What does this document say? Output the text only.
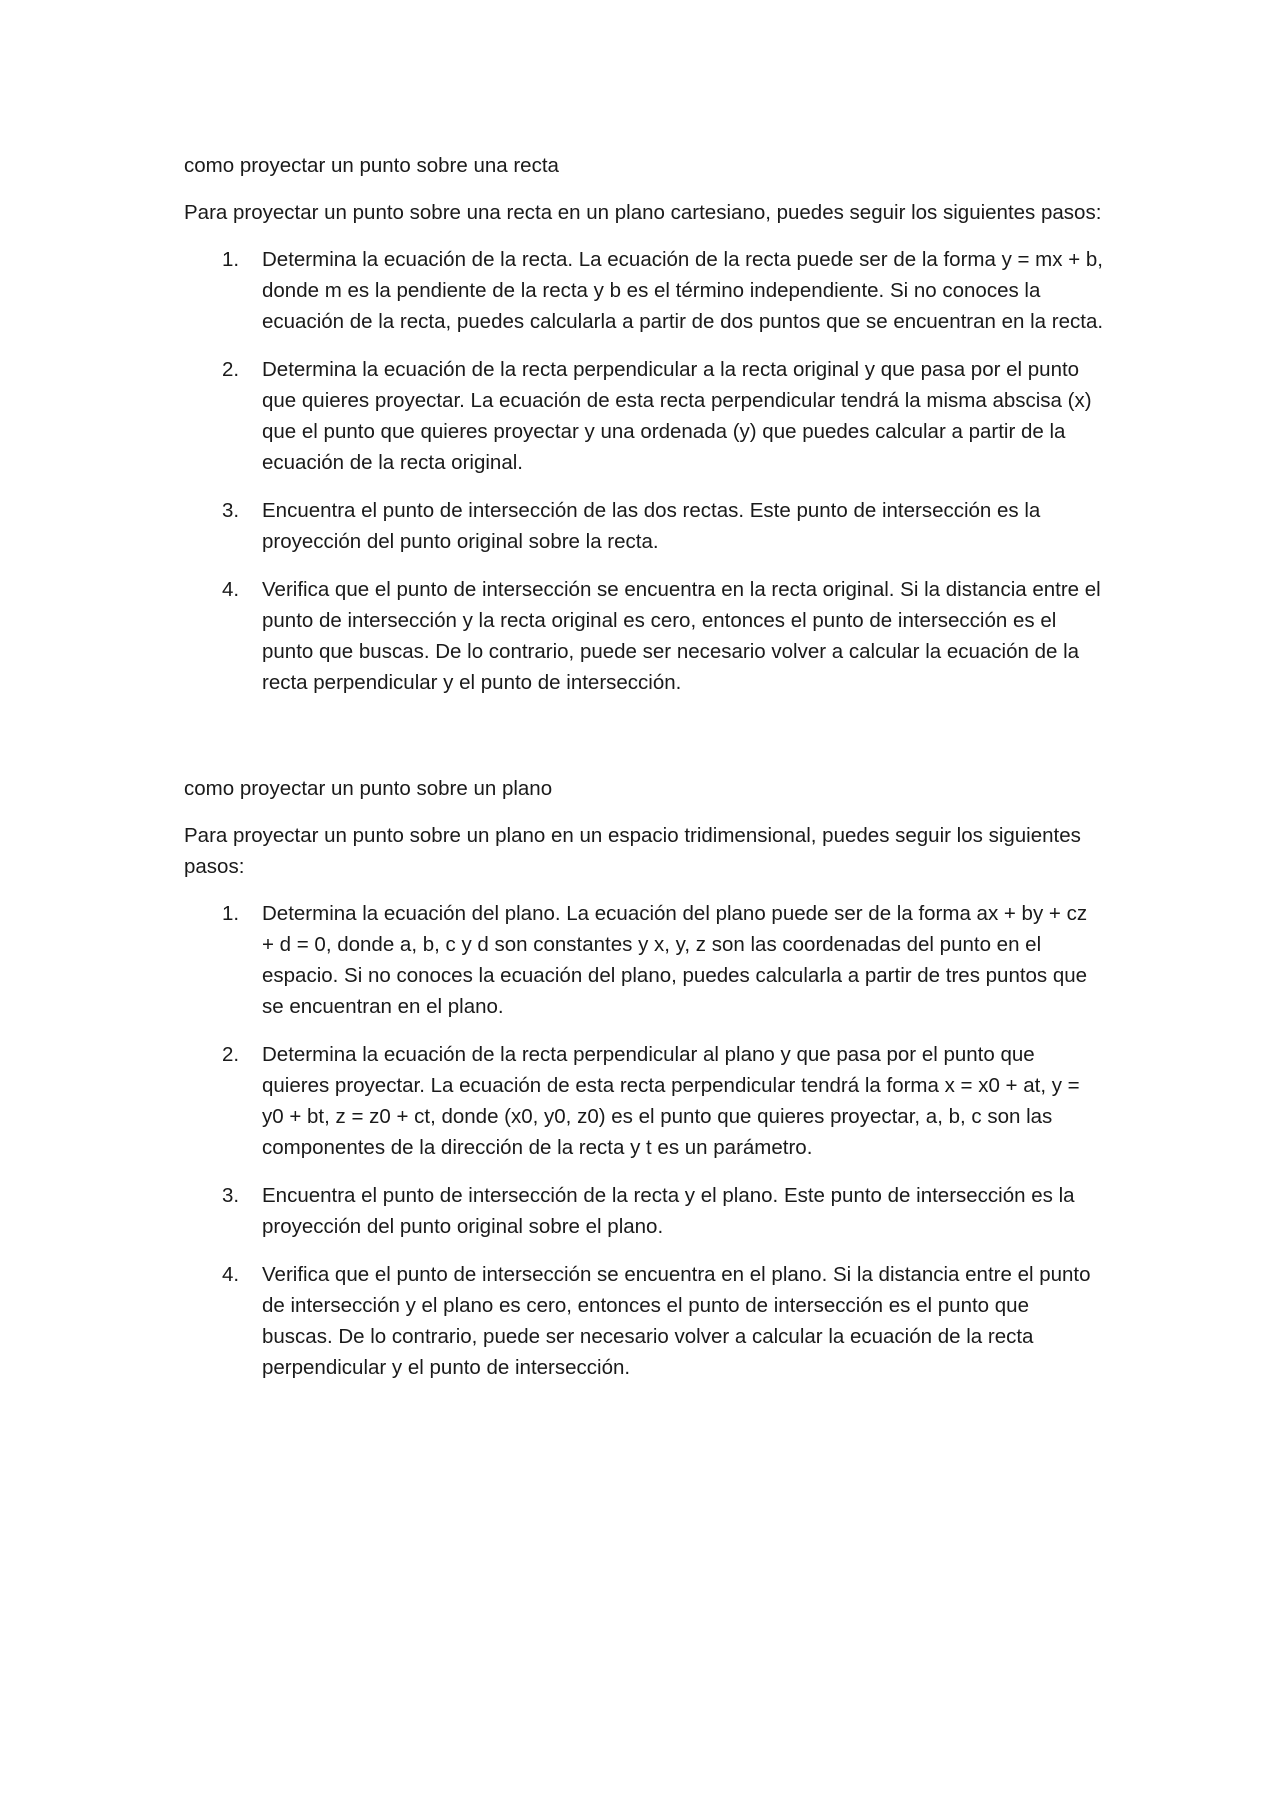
como proyectar un punto sobre una recta

Para proyectar un punto sobre una recta en un plano cartesiano, puedes seguir los siguientes pasos:

1. Determina la ecuación de la recta. La ecuación de la recta puede ser de la forma y = mx + b, donde m es la pendiente de la recta y b es el término independiente. Si no conoces la ecuación de la recta, puedes calcularla a partir de dos puntos que se encuentran en la recta.
2. Determina la ecuación de la recta perpendicular a la recta original y que pasa por el punto que quieres proyectar. La ecuación de esta recta perpendicular tendrá la misma abscisa (x) que el punto que quieres proyectar y una ordenada (y) que puedes calcular a partir de la ecuación de la recta original.
3. Encuentra el punto de intersección de las dos rectas. Este punto de intersección es la proyección del punto original sobre la recta.
4. Verifica que el punto de intersección se encuentra en la recta original. Si la distancia entre el punto de intersección y la recta original es cero, entonces el punto de intersección es el punto que buscas. De lo contrario, puede ser necesario volver a calcular la ecuación de la recta perpendicular y el punto de intersección.

como proyectar un punto sobre un plano

Para proyectar un punto sobre un plano en un espacio tridimensional, puedes seguir los siguientes pasos:

1. Determina la ecuación del plano. La ecuación del plano puede ser de la forma ax + by + cz + d = 0, donde a, b, c y d son constantes y x, y, z son las coordenadas del punto en el espacio. Si no conoces la ecuación del plano, puedes calcularla a partir de tres puntos que se encuentran en el plano.
2. Determina la ecuación de la recta perpendicular al plano y que pasa por el punto que quieres proyectar. La ecuación de esta recta perpendicular tendrá la forma x = x0 + at, y = y0 + bt, z = z0 + ct, donde (x0, y0, z0) es el punto que quieres proyectar, a, b, c son las componentes de la dirección de la recta y t es un parámetro.
3. Encuentra el punto de intersección de la recta y el plano. Este punto de intersección es la proyección del punto original sobre el plano.
4. Verifica que el punto de intersección se encuentra en el plano. Si la distancia entre el punto de intersección y el plano es cero, entonces el punto de intersección es el punto que buscas. De lo contrario, puede ser necesario volver a calcular la ecuación de la recta perpendicular y el punto de intersección.
